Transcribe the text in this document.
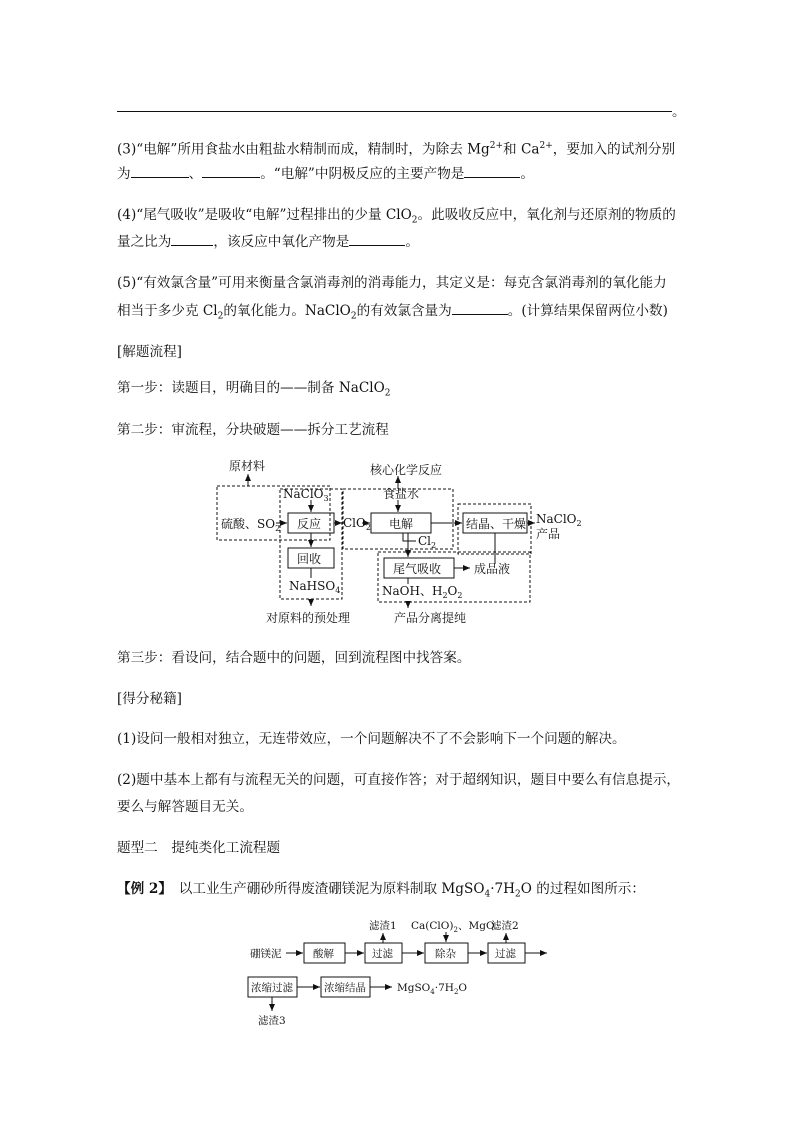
。
(3)“电解”所用食盐水由粗盐水精制而成，精制时，为除去 $Mg^{2+}$和 $Ca^{2+}$，要加入的试剂分别
为	、	。“电解”中阴极反应的主要产物是	。
(4)“尾气吸收”是吸收“电解”过程排出的少量 ClO$_2$。此吸收反应中，氧化剂与还原剂的物质的
量之比为	，该反应中氧化产物是	。
(5)“有效氯含量”可用来衡量含氯消毒剂的消毒能力，其定义是：每克含氯消毒剂的氧化能力
相当于多少克 $Cl_2$的氧化能力。NaClO$_2$的有效氯含量为	。(计算结果保留两位小数)
[解题流程]
第一步：读题目，明确目的——制备 NaClO$_2$
第二步：审流程，分块破题——拆分工艺流程
原材料	核心化学反应
NaClO$_3$	食盐水
硫酸、$SO_2$ 反应 ClO$_2$ 电解	结晶、干燥 NaClO$_2$
产品
$Cl_2$
回收
尾气吸收	成品液
NaHSO$_4$	NaOH、$H_2O_2$
对原料的预处理	产品分离提纯
第三步：看设问，结合题中的问题，回到流程图中找答案。
[得分秘籍]
(1)设问一般相对独立，无连带效应，一个问题解决不了不会影响下一个问题的解决。
(2)题中基本上都有与流程无关的问题，可直接作答；对于超纲知识，题目中要么有信息提示，
要么与解答题目无关。
题型二　提纯类化工流程题
【例 2】  以工业生产硼砂所得废渣硼镁泥为原料制取 $MgSO_4\cdot 7H_2O$ 的过程如图所示：
硼镁泥	酸解	过滤
滤渣1 $Ca(ClO)_2$、MgO
除杂
滤渣2
过滤
浓缩过滤	浓缩结晶	$MgSO_4\cdot 7H_2O$
滤渣3
